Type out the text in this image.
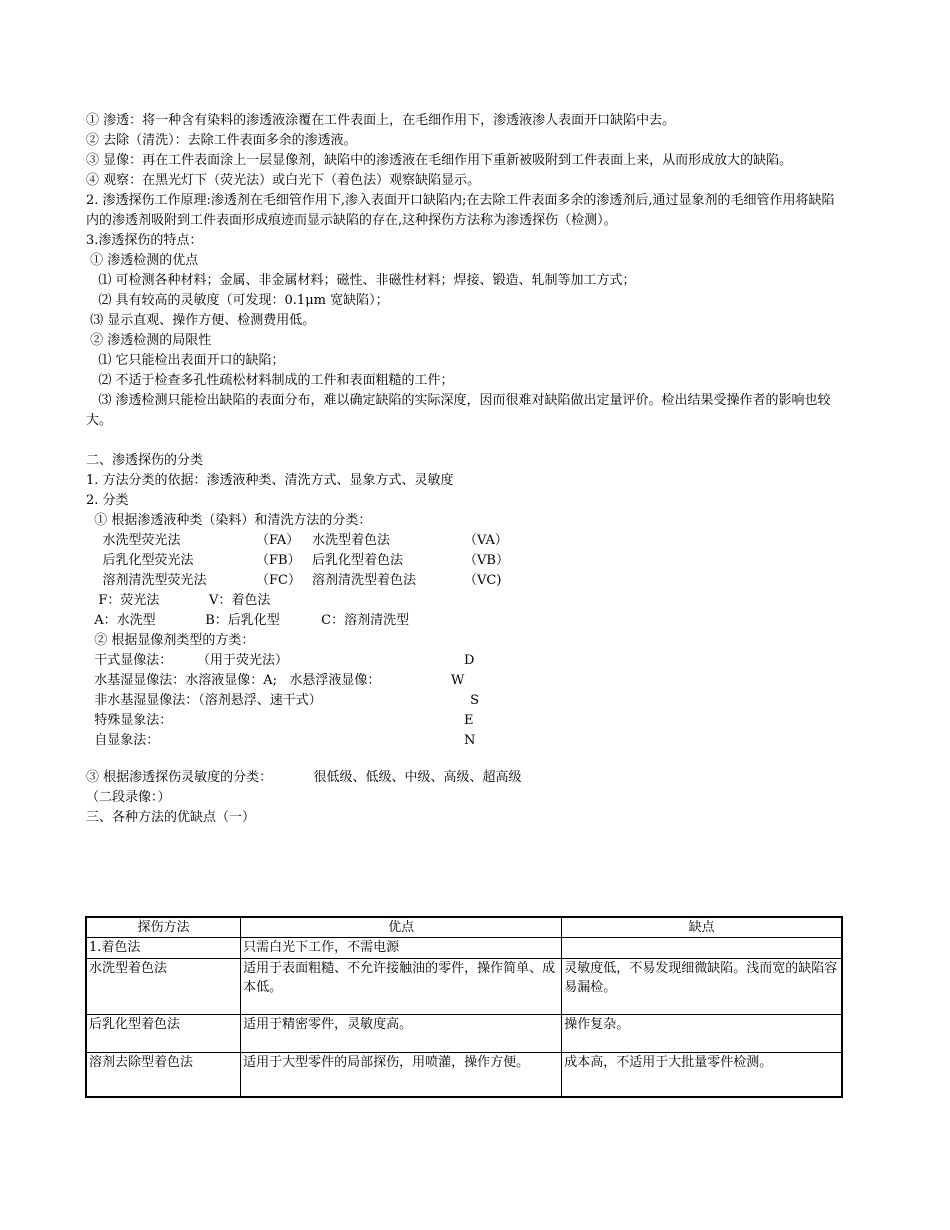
① 渗透：将一种含有染料的渗透液涂覆在工件表面上，在毛细作用下，渗透液渗人表面开口缺陷中去。
② 去除（清洗）：去除工件表面多余的渗透液。
③ 显像：再在工件表面涂上一层显像剂，缺陷中的渗透液在毛细作用下重新被吸附到工件表面上来，从而形成放大的缺陷。
④ 观察：在黑光灯下（荧光法）或白光下（着色法）观察缺陷显示。
2. 渗透探伤工作原理:渗透剂在毛细管作用下,渗入表面开口缺陷内;在去除工件表面多余的渗透剂后,通过显象剂的毛细管作用将缺陷内的渗透剂吸附到工件表面形成痕迹而显示缺陷的存在,这种探伤方法称为渗透探伤（检测）。
3.渗透探伤的特点：
① 渗透检测的优点
⑴ 可检测各种材料；金属、非金属材料；磁性、非磁性材料；焊接、锻造、轧制等加工方式；
⑵ 具有较高的灵敏度（可发现：0.1μm 宽缺陷）；
⑶ 显示直观、操作方便、检测费用低。
② 渗透检测的局限性
⑴ 它只能检出表面开口的缺陷；
⑵ 不适于检查多孔性疏松材料制成的工件和表面粗糙的工件；
⑶ 渗透检测只能检出缺陷的表面分布，难以确定缺陷的实际深度，因而很难对缺陷做出定量评价。检出结果受操作者的影响也较大。
二、渗透探伤的分类
1. 方法分类的依据：渗透液种类、清洗方式、显象方式、灵敏度
2. 分类
① 根据渗透液种类（染料）和清洗方法的分类：
水洗型荧光法	（FA） 水洗型着色法	（VA）
后乳化型荧光法	（FB） 后乳化型着色法	（VB）
溶剂清洗型荧光法	（FC） 溶剂清洗型着色法	（VC)
F：荧光法            V：着色法
A：水洗型            B：后乳化型          C：溶剂清洗型
② 根据显像剂类型的方类：
干式显像法：      （用于荧光法）	D
水基湿显像法：水溶液显像：A;   水悬浮液显像：	W
非水基湿显像法：（溶剂悬浮、速干式）	S
特殊显象法：	E
自显象法：	N
③ 根据渗透探伤灵敏度的分类：          很低级、低级、中级、高级、超高级
（二段录像：）
三、各种方法的优缺点（一）
探伤方法	优点	缺点
1.着色法	只需白光下工作，不需电源	
水洗型着色法	适用于表面粗糙、不允许接触油的零件，操作简单、成本低。	灵敏度低，不易发现细微缺陷。浅而宽的缺陷容易漏检。
后乳化型着色法	适用于精密零件，灵敏度高。	操作复杂。
溶剂去除型着色法	适用于大型零件的局部探伤，用喷灌，操作方便。	成本高，不适用于大批量零件检测。
